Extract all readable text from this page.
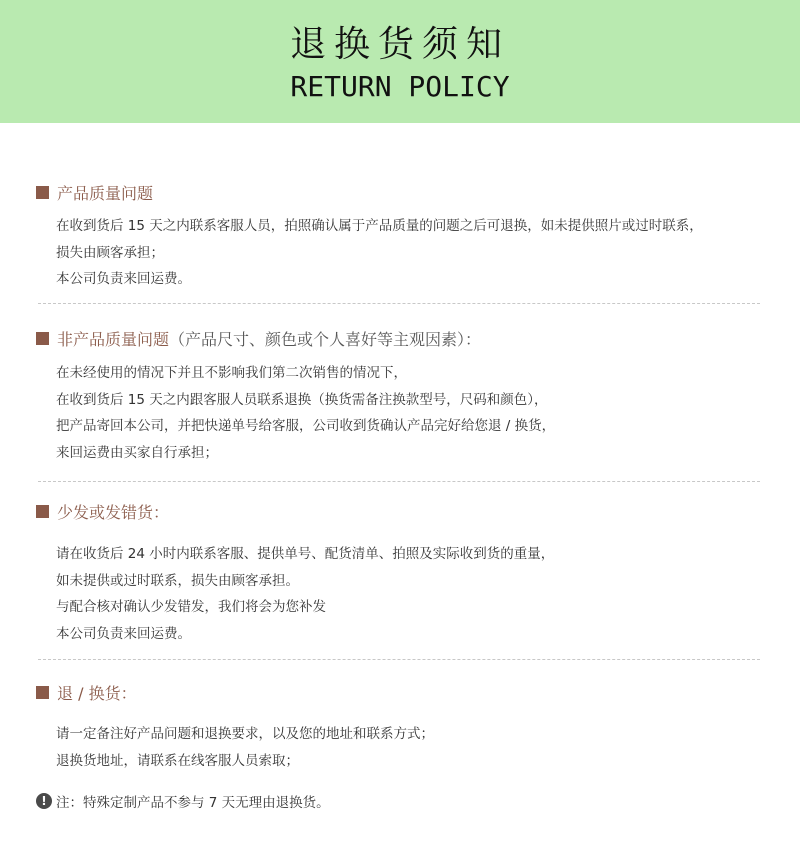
退换货须知
RETURN POLICY
产品质量问题
在收到货后 15 天之内联系客服人员，拍照确认属于产品质量的问题之后可退换，如未提供照片或过时联系，
损失由顾客承担；
本公司负责来回运费。
非产品质量问题 （产品尺寸、颜色或个人喜好等主观因素）：
在未经使用的情况下并且不影响我们第二次销售的情况下，
在收到货后 15 天之内跟客服人员联系退换（换货需备注换款型号，尺码和颜色），
把产品寄回本公司，并把快递单号给客服，公司收到货确认产品完好给您退 / 换货，
来回运费由买家自行承担；
少发或发错货：
请在收货后 24 小时内联系客服、提供单号、配货清单、拍照及实际收到货的重量，
如未提供或过时联系，损失由顾客承担。
与配合核对确认少发错发，我们将会为您补发
本公司负责来回运费。
退 / 换货：
请一定备注好产品问题和退换要求，以及您的地址和联系方式；
退换货地址，请联系在线客服人员索取；
! 注：特殊定制产品不参与 7 天无理由退换货。
